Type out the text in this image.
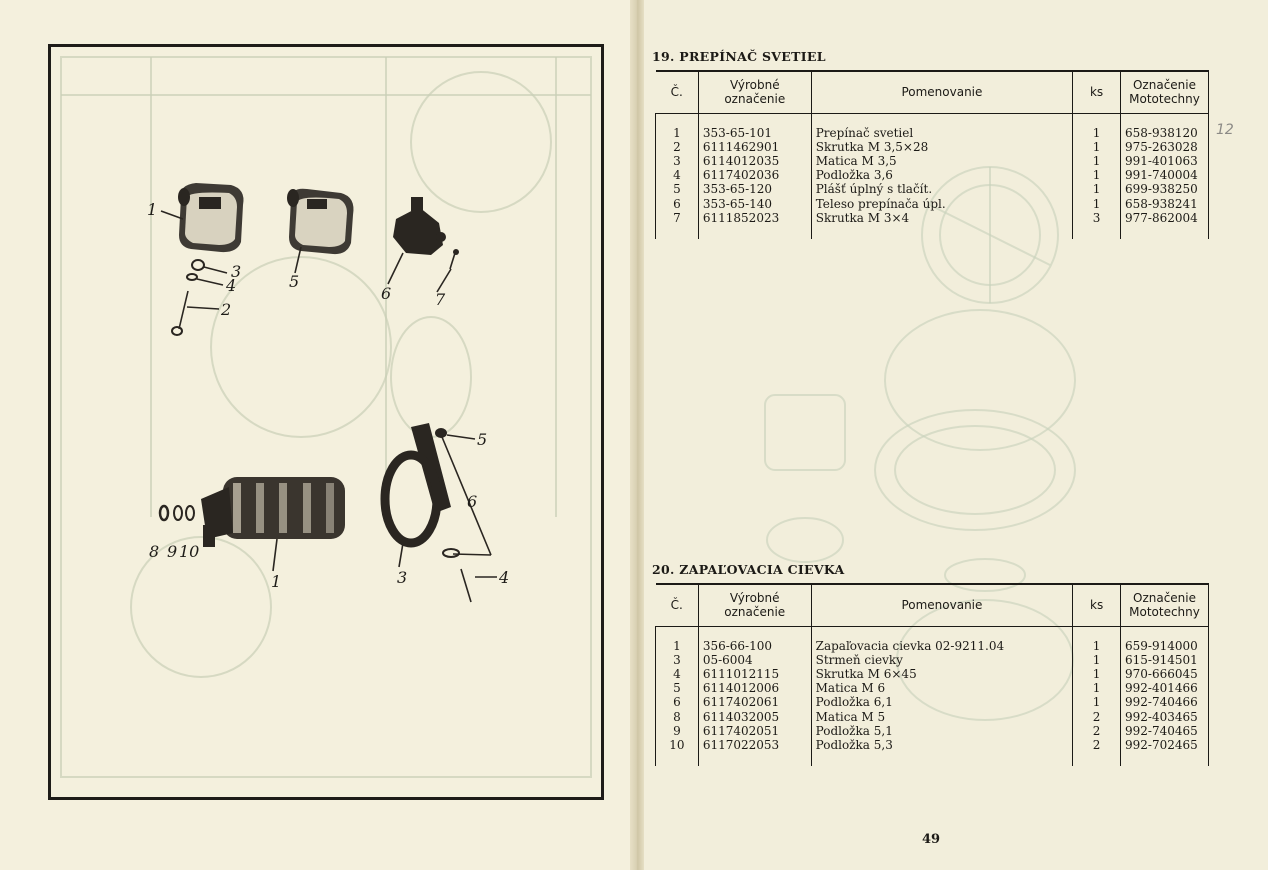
1
5
6	7
3
4
2
5
6
8 9 10
1	3	4
19. PREPÍNAČ SVETIEL
Č.	Výrobné
označenie	Pomenovanie	ks	Označenie
Mototechny

1	353-65-101	Prepínač svetiel	1	658-938120
2	6111462901	Skrutka M 3,5×28	1	975-263028
3	6114012035	Matica M 3,5	1	991-401063
4	6117402036	Podložka 3,6	1	991-740004
5	353-65-120	Plášť úplný s tlačít.	1	699-938250
6	353-65-140	Teleso prepínača úpl.	1	658-938241
7	6111852023	Skrutka M 3×4	3	977-862004

12
20. ZAPAĽOVACIA CIEVKA
Č.	Výrobné
označenie	Pomenovanie	ks	Označenie
Mototechny

1	356-66-100	Zapaľovacia cievka 02-9211.04	1	659-914000
3	05-6004	Strmeň cievky	1	615-914501
4	6111012115	Skrutka M 6×45	1	970-666045
5	6114012006	Matica M 6	1	992-401466
6	6117402061	Podložka 6,1	1	992-740466
8	6114032005	Matica M 5	2	992-403465
9	6117402051	Podložka 5,1	2	992-740465
10	6117022053	Podložka 5,3	2	992-702465

49
